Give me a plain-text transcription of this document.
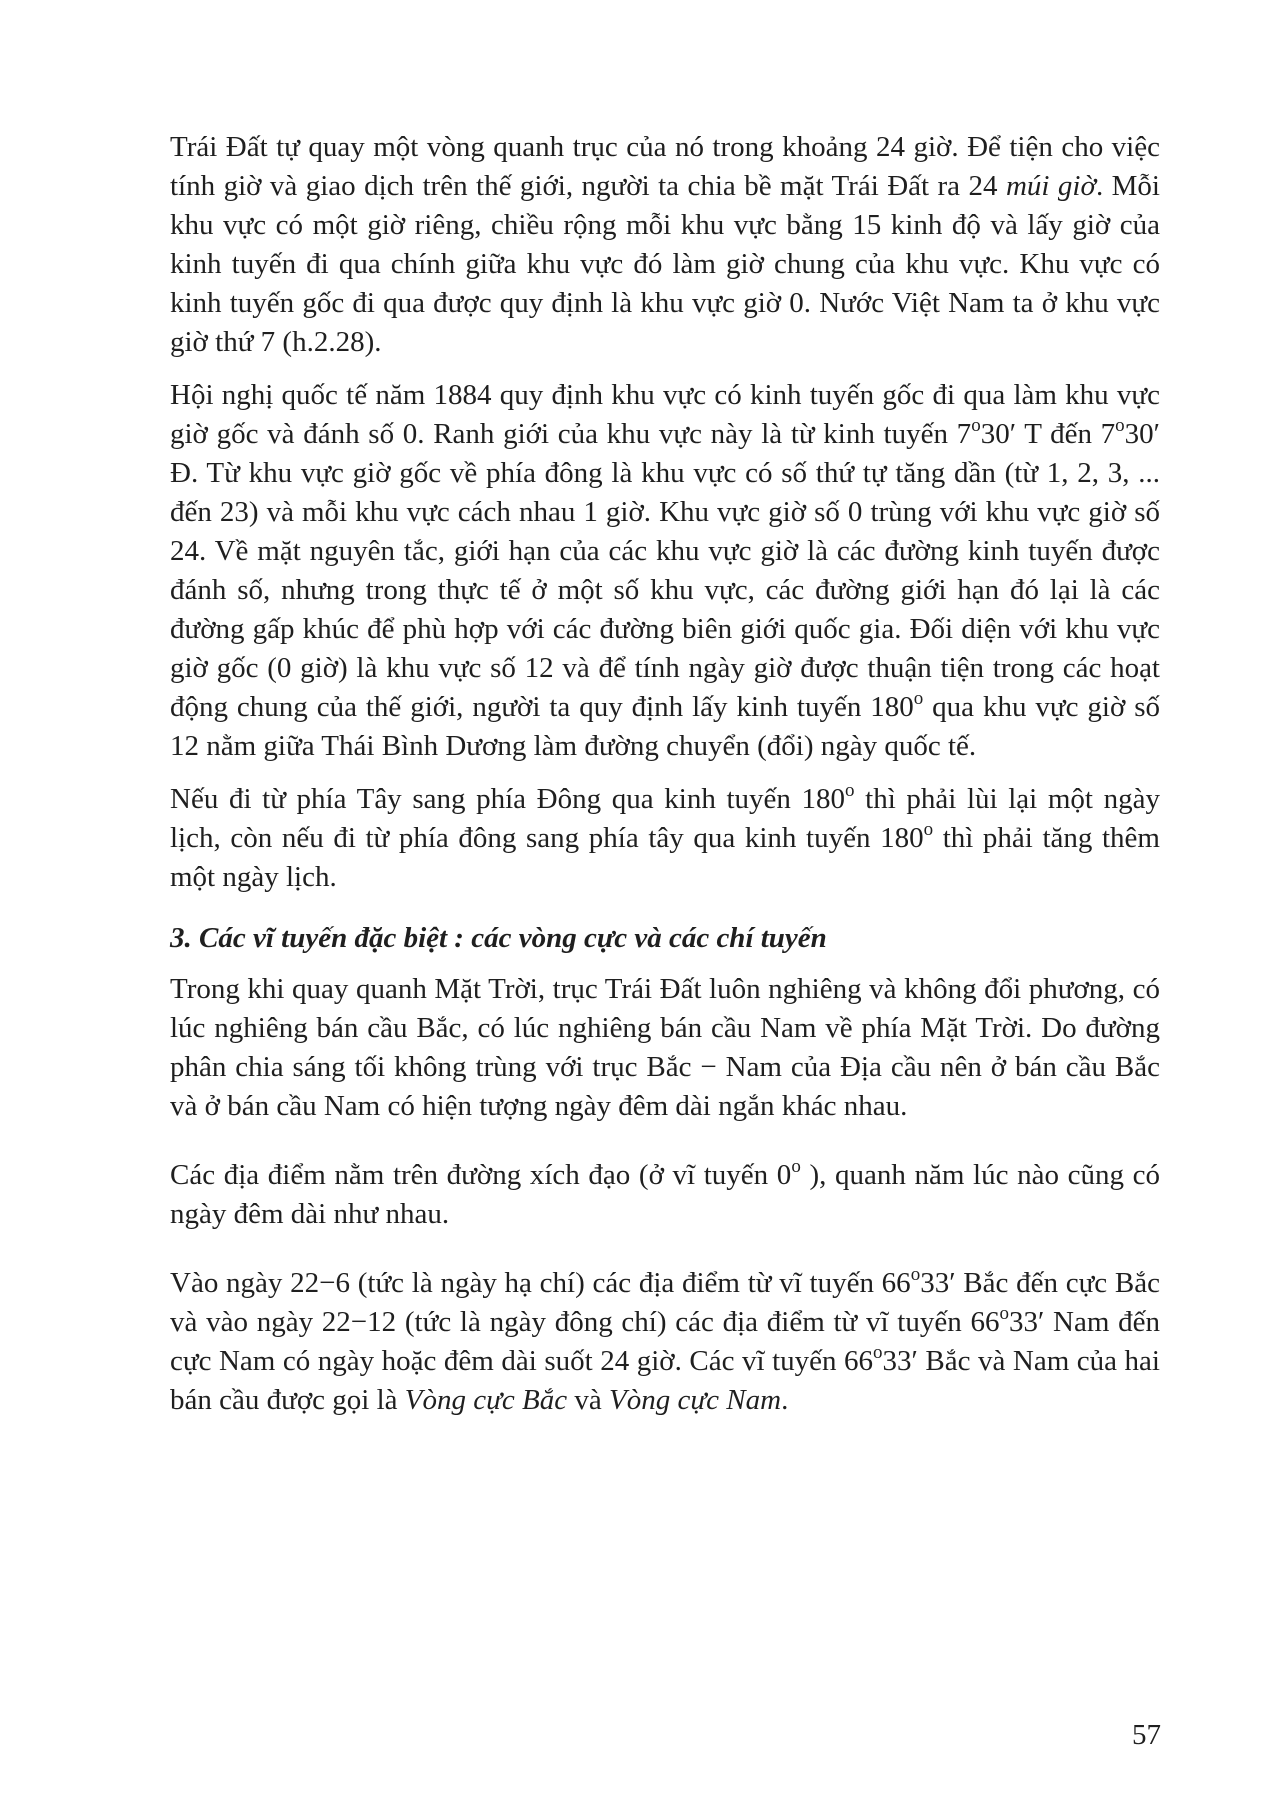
Trái Đất tự quay một vòng quanh trục của nó trong khoảng 24 giờ. Để tiện cho việc tính giờ và giao dịch trên thế giới, người ta chia bề mặt Trái Đất ra 24 múi giờ. Mỗi khu vực có một giờ riêng, chiều rộng mỗi khu vực bằng 15 kinh độ và lấy giờ của kinh tuyến đi qua chính giữa khu vực đó làm giờ chung của khu vực. Khu vực có kinh tuyến gốc đi qua được quy định là khu vực giờ 0. Nước Việt Nam ta ở khu vực giờ thứ 7 (h.2.28).

Hội nghị quốc tế năm 1884 quy định khu vực có kinh tuyến gốc đi qua làm khu vực giờ gốc và đánh số 0. Ranh giới của khu vực này là từ kinh tuyến 7$^o$30′ T đến 7$^o$30′ Đ. Từ khu vực giờ gốc về phía đông là khu vực có số thứ tự tăng dần (từ 1, 2, 3, ... đến 23) và mỗi khu vực cách nhau 1 giờ. Khu vực giờ số 0 trùng với khu vực giờ số 24. Về mặt nguyên tắc, giới hạn của các khu vực giờ là các đường kinh tuyến được đánh số, nhưng trong thực tế ở một số khu vực, các đường giới hạn đó lại là các đường gấp khúc để phù hợp với các đường biên giới quốc gia. Đối diện với khu vực giờ gốc (0 giờ) là khu vực số 12 và để tính ngày giờ được thuận tiện trong các hoạt động chung của thế giới, người ta quy định lấy kinh tuyến 180$^o$ qua khu vực giờ số 12 nằm giữa Thái Bình Dương làm đường chuyển (đổi) ngày quốc tế.

Nếu đi từ phía Tây sang phía Đông qua kinh tuyến 180$^o$ thì phải lùi lại một ngày lịch, còn nếu đi từ phía đông sang phía tây qua kinh tuyến 180$^o$ thì phải tăng thêm một ngày lịch.

3. Các vĩ tuyến đặc biệt : các vòng cực và các chí tuyến

Trong khi quay quanh Mặt Trời, trục Trái Đất luôn nghiêng và không đổi phương, có lúc nghiêng bán cầu Bắc, có lúc nghiêng bán cầu Nam về phía Mặt Trời. Do đường phân chia sáng tối không trùng với trục Bắc − Nam của Địa cầu nên ở bán cầu Bắc và ở bán cầu Nam có hiện tượng ngày đêm dài ngắn khác nhau.

Các địa điểm nằm trên đường xích đạo (ở vĩ tuyến 0$^o$ ), quanh năm lúc nào cũng có ngày đêm dài như nhau.

Vào ngày 22−6 (tức là ngày hạ chí) các địa điểm từ vĩ tuyến 66$^o$33′ Bắc đến cực Bắc và vào ngày 22−12 (tức là ngày đông chí) các địa điểm từ vĩ tuyến 66$^o$33′ Nam đến cực Nam có ngày hoặc đêm dài suốt 24 giờ. Các vĩ tuyến 66$^o$33′ Bắc và Nam của hai bán cầu được gọi là Vòng cực Bắc và Vòng cực Nam.

57
